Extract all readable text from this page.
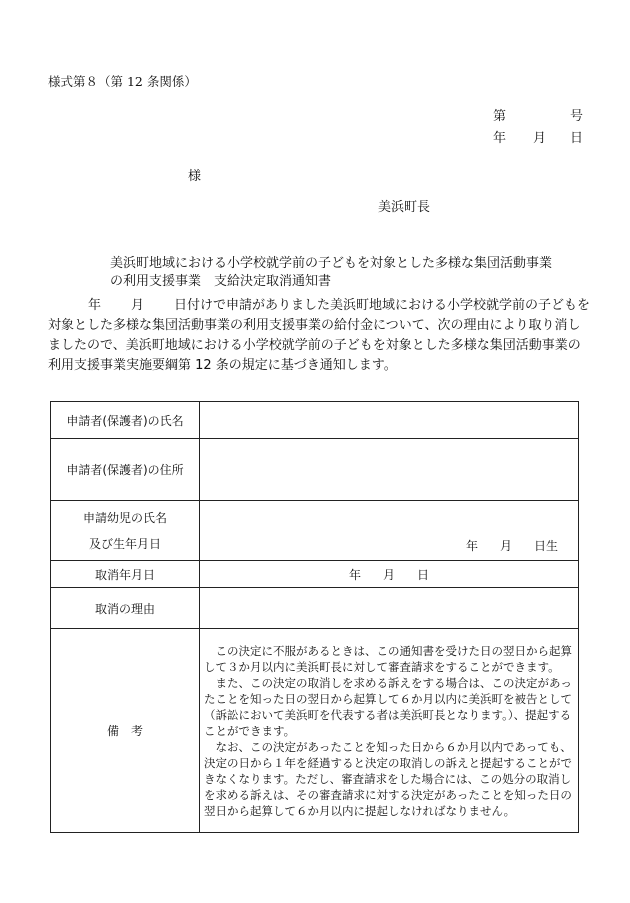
様式第８（第 12 条関係）
第	号
年 月 日
様
美浜町長
美浜町地域における小学校就学前の子どもを対象とした多様な集団活動事業
の利用支援事業　支給決定取消通知書
年 月 日付けで申請がありました美浜町地域における小学校就学前の子どもを
対象とした多様な集団活動事業の利用支援事業の給付金について、次の理由により取り消し
ましたので、美浜町地域における小学校就学前の子どもを対象とした多様な集団活動事業の
利用支援事業実施要綱第 12 条の規定に基づき通知します。
申請者(保護者)の氏名	
申請者(保護者)の住所	

申請幼児の氏名
及び生年月日	年 月 日生

取消年月日	年 月 日

取消の理由	
備　考	この決定に不服があるときは、この通知書を受けた日の翌日から起算して３か月以内に美浜町長に対して審査請求をすることができます。

また、この決定の取消しを求める訴えをする場合は、この決定があったことを知った日の翌日から起算して６か月以内に美浜町を被告として（訴訟において美浜町を代表する者は美浜町長となります。）、提起することができます。

なお、この決定があったことを知った日から６か月以内であっても、決定の日から１年を経過すると決定の取消しの訴えと提起することができなくなります。ただし、審査請求をした場合には、この処分の取消しを求める訴えは、その審査請求に対する決定があったことを知った日の翌日から起算して６か月以内に提起しなければなりません。
